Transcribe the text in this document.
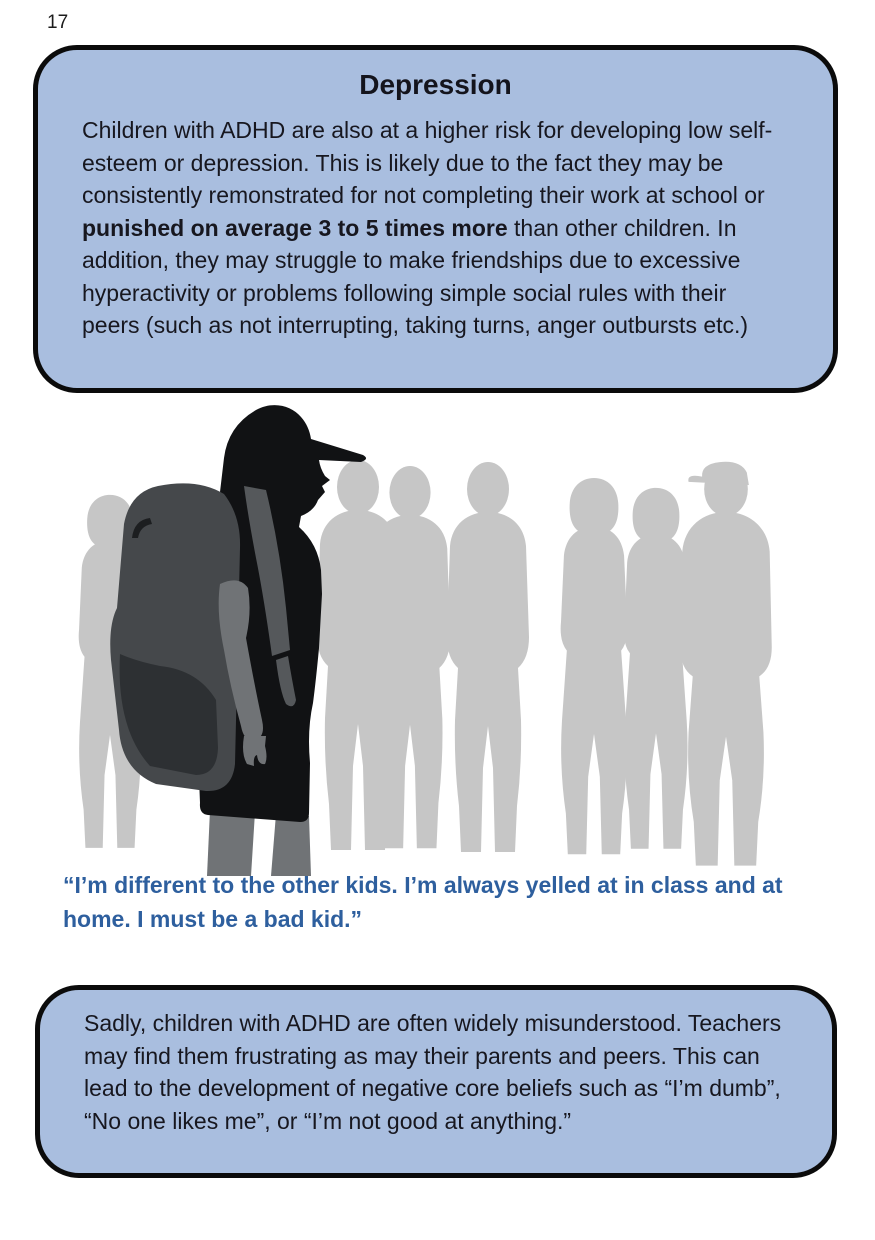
17
Depression

Children with ADHD are also at a higher risk for developing low self-esteem or depression. This is likely due to the fact they may be consistently remonstrated for not completing their work at school or punished on average 3 to 5 times more than other children. In addition, they may struggle to make friendships due to excessive hyperactivity or problems following simple social rules with their peers (such as not interrupting, taking turns, anger outbursts etc.)

“I’m different to the other kids. I’m always yelled at in class and at home. I must be a bad kid.”

Sadly, children with ADHD are often widely misunderstood. Teachers may find them frustrating as may their parents and peers. This can lead to the development of negative core beliefs such as “I’m dumb”, “No one likes me”, or “I’m not good at anything.”
